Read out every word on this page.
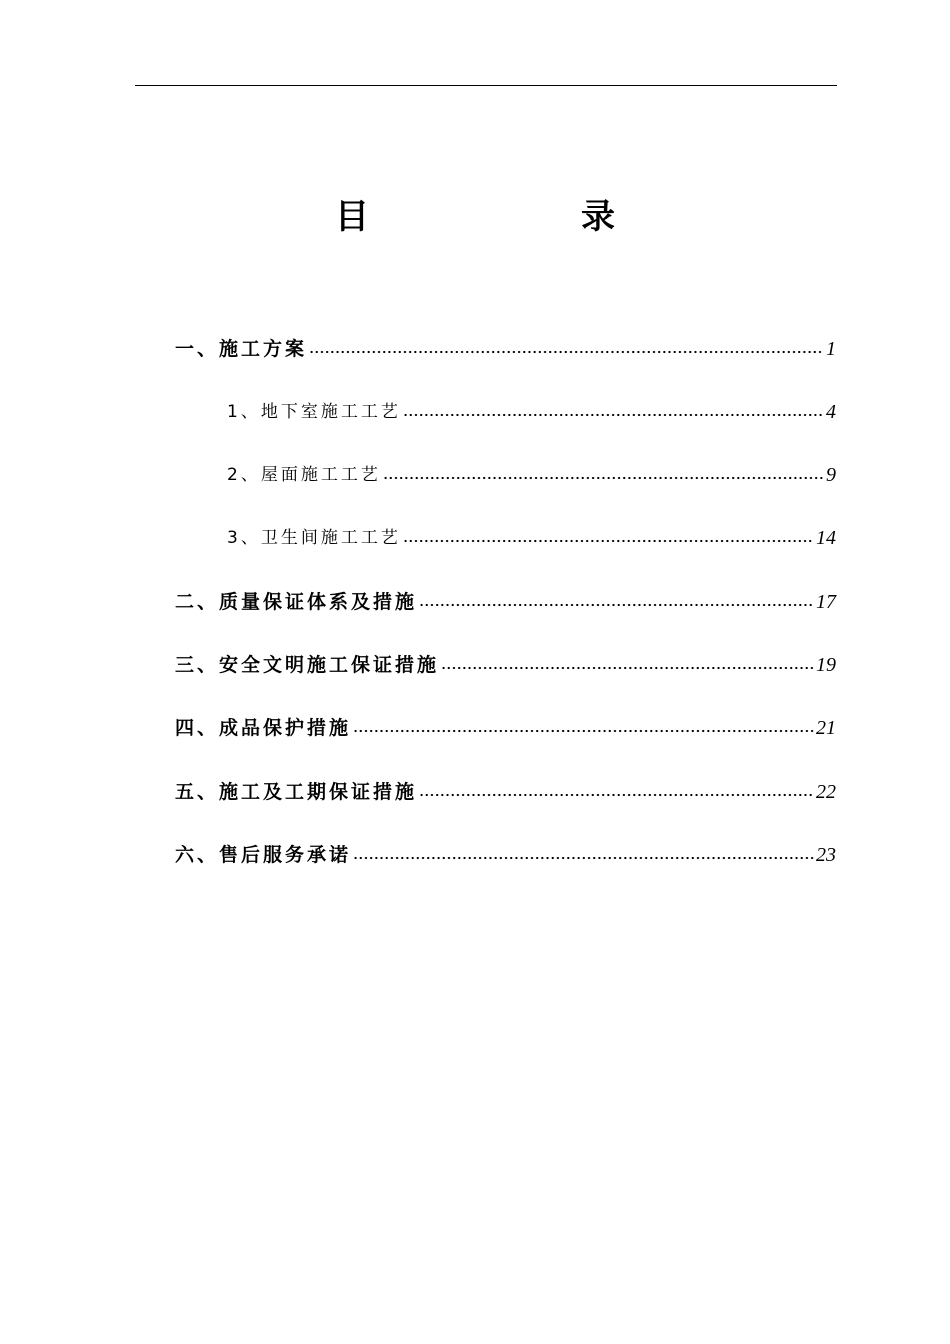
目　　录
一、施工方案	1
1、地下室施工工艺	4
2、屋面施工工艺	9
3、卫生间施工工艺	14
二、质量保证体系及措施	17
三、安全文明施工保证措施	19
四、成品保护措施	21
五、施工及工期保证措施	22
六、售后服务承诺	23
